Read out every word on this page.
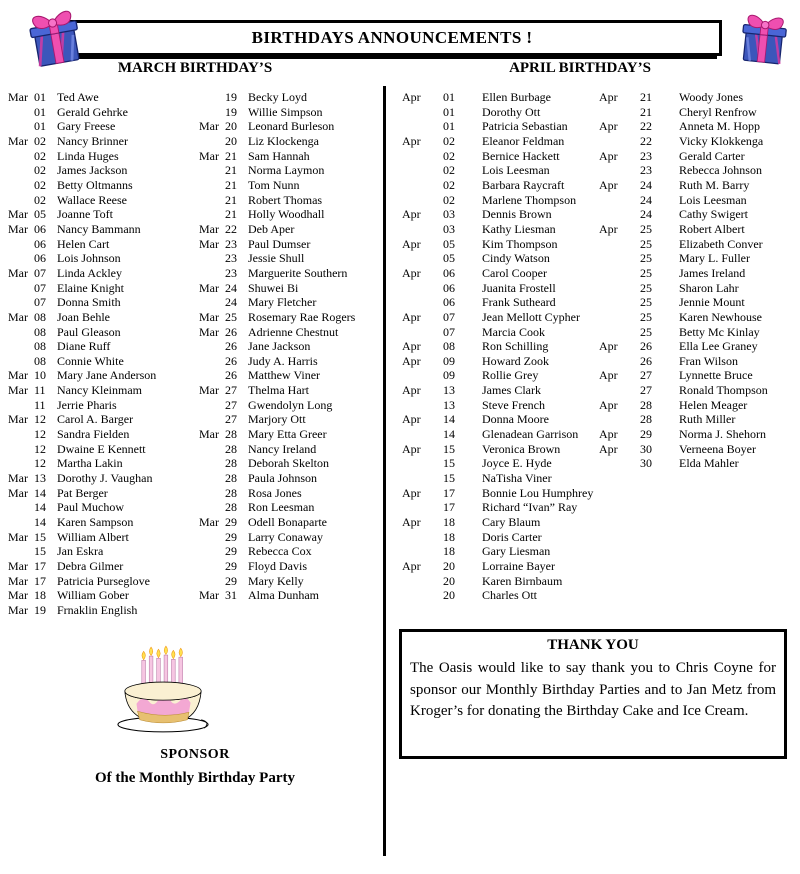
BIRTHDAYS ANNOUNCEMENTS !
MARCH BIRTHDAY’S	APRIL BIRTHDAY’S
Mar 01 Ted Awe
01 Gerald Gehrke
01 Gary Freese
Mar 02 Nancy Brinner
02 Linda Huges
02 James Jackson
02 Betty Oltmanns
02 Wallace Reese
Mar 05 Joanne Toft
Mar 06 Nancy Bammann
06 Helen Cart
06 Lois Johnson
Mar 07 Linda Ackley
07 Elaine Knight
07 Donna Smith
Mar 08 Joan Behle
08 Paul Gleason
08 Diane Ruff
08 Connie White
Mar 10 Mary Jane Anderson
Mar 11 Nancy Kleinmam
11 Jerrie Pharis
Mar 12 Carol A. Barger
12 Sandra Fielden
12 Dwaine E Kennett
12 Martha Lakin
Mar 13 Dorothy J. Vaughan
Mar 14 Pat Berger
14 Paul Muchow
14 Karen Sampson
Mar 15 William Albert
15 Jan Eskra
Mar 17 Debra Gilmer
Mar 17 Patricia Purseglove
Mar 18 William Gober
Mar 19 Frnaklin English
19 Becky Loyd
19 Willie Simpson
Mar 20 Leonard Burleson
20 Liz Klockenga
Mar 21 Sam Hannah
21 Norma Laymon
21 Tom Nunn
21 Robert Thomas
21 Holly Woodhall
Mar 22 Deb Aper
Mar 23 Paul Dumser
23 Jessie Shull
23 Marguerite Southern
Mar 24 Shuwei Bi
24 Mary Fletcher
Mar 25 Rosemary Rae Rogers
Mar 26 Adrienne Chestnut
26 Jane Jackson
26 Judy A. Harris
26 Matthew Viner
Mar 27 Thelma Hart
27 Gwendolyn Long
27 Marjory Ott
Mar 28 Mary Etta Greer
28 Nancy Ireland
28 Deborah Skelton
28 Paula Johnson
28 Rosa Jones
28 Ron Leesman
Mar 29 Odell Bonaparte
29 Larry Conaway
29 Rebecca Cox
29 Floyd Davis
29 Mary Kelly
Mar 31 Alma Dunham
Apr	01	Ellen Burbage
01	Dorothy Ott
01	Patricia Sebastian
Apr	02	Eleanor Feldman
02	Bernice Hackett
02	Lois Leesman
02	Barbara Raycraft
02	Marlene Thompson
Apr	03	Dennis Brown
03	Kathy Liesman
Apr	05	Kim Thompson
05	Cindy Watson
Apr	06	Carol Cooper
06	Juanita Frostell
06	Frank Sutheard
Apr	07	Jean Mellott Cypher
07	Marcia Cook
Apr	08	Ron Schilling
Apr	09	Howard Zook
09	Rollie Grey
Apr	13	James Clark
13	Steve French
Apr	14	Donna Moore
14	Glenadean Garrison
Apr	15	Veronica Brown
15	Joyce E. Hyde
15	NaTisha Viner
Apr	17	Bonnie Lou Humphrey
17	Richard “Ivan” Ray
Apr	18	Cary Blaum
18	Doris Carter
18	Gary Liesman
Apr	20	Lorraine Bayer
20	Karen Birnbaum
20	Charles Ott
Apr	21	Woody Jones
21	Cheryl Renfrow
Apr	22	Anneta M. Hopp
22	Vicky Klokkenga
Apr	23	Gerald Carter
23	Rebecca Johnson
Apr	24	Ruth M. Barry
24	Lois Leesman
24	Cathy Swigert
Apr	25	Robert Albert
25	Elizabeth Conver
25	Mary L. Fuller
25	James Ireland
25	Sharon Lahr
25	Jennie Mount
25	Karen Newhouse
25	Betty Mc Kinlay
Apr	26	Ella Lee Graney
26	Fran Wilson
Apr	27	Lynnette Bruce
27	Ronald Thompson
Apr	28	Helen Meager
28	Ruth Miller
Apr	29	Norma J. Shehorn
Apr	30	Verneena Boyer
30	Elda Mahler
SPONSOR
Of the Monthly Birthday Party
THANK YOU

The Oasis would like to say thank you to Chris Coyne for sponsor our Monthly Birthday Parties and to Jan Metz from Kroger’s for donating the Birthday Cake and Ice Cream.
